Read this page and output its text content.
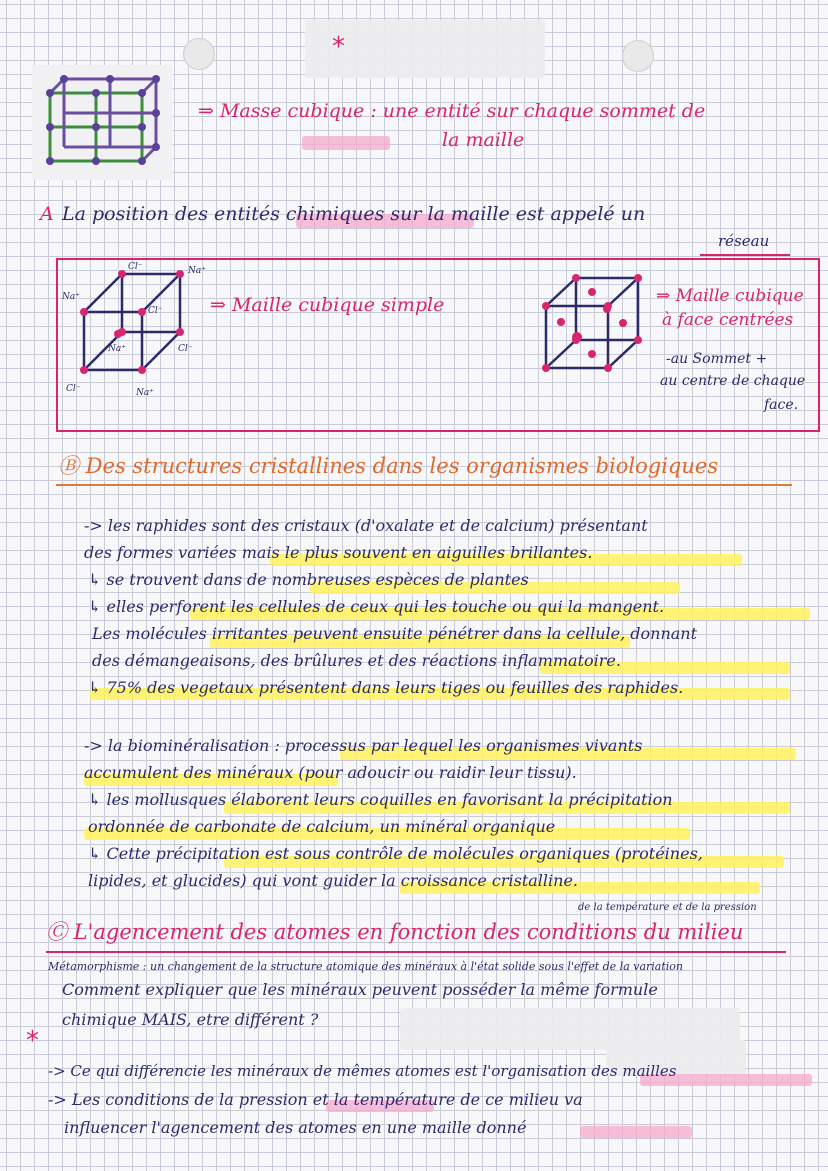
*
⇒ Masse cubique : une entité sur chaque sommet de
la maille
A La position des entités chimiques sur la maille est appelé un
réseau
Cl⁻	Na⁺
Na⁺
Cl⁻
Na⁺	Cl⁻
Cl⁻	Na⁺
⇒ Maille cubique simple	⇒ Maille cubique
à face centrées
-au Sommet +
au centre de chaque
face.
Ⓑ Des structures cristallines dans les organismes biologiques
-> les raphides sont des cristaux (d'oxalate et de calcium) présentant
des formes variées mais le plus souvent en aiguilles brillantes.
↳ se trouvent dans de nombreuses espèces de plantes
↳ elles perforent les cellules de ceux qui les touche ou qui la mangent.
Les molécules irritantes peuvent ensuite pénétrer dans la cellule, donnant
des démangeaisons, des brûlures et des réactions inflammatoire.
↳ 75% des vegetaux présentent dans leurs tiges ou feuilles des raphides.
-> la biominéralisation : processus par lequel les organismes vivants
accumulent des minéraux (pour adoucir ou raidir leur tissu).
↳ les mollusques élaborent leurs coquilles en favorisant la précipitation
ordonnée de carbonate de calcium, un minéral organique
↳ Cette précipitation est sous contrôle de molécules organiques (protéines,
lipides, et glucides) qui vont guider la croissance cristalline.
de la température et de la pression
Ⓒ L'agencement des atomes en fonction des conditions du milieu
Métamorphisme : un changement de la structure atomique des minéraux à l'état solide sous l'effet de la variation
Comment expliquer que les minéraux peuvent posséder la même formule
chimique MAIS, etre différent ?
*
-> Ce qui différencie les minéraux de mêmes atomes est l'organisation des mailles
-> Les conditions de la pression et la température de ce milieu va
influencer l'agencement des atomes en une maille donné
